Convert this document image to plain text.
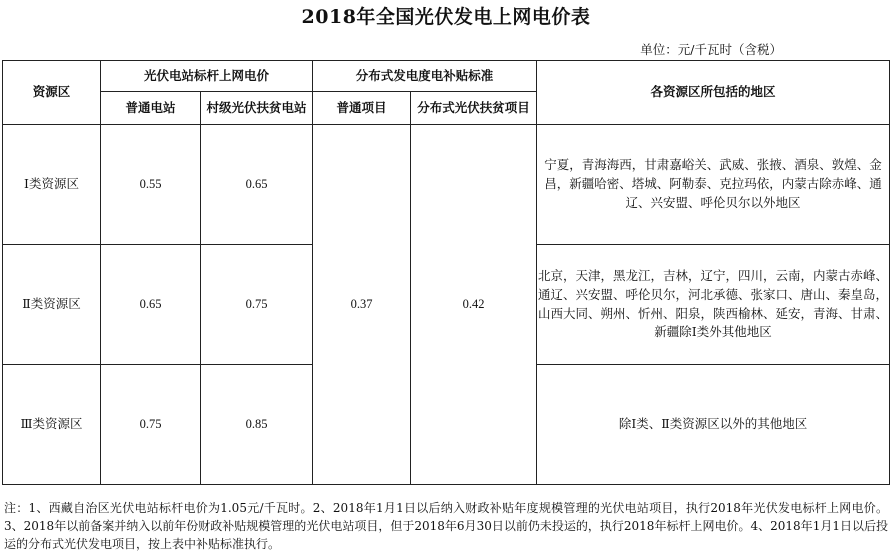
2018年全国光伏发电上网电价表
单位：元/千瓦时（含税）
资源区	光伏电站标杆上网电价		分布式发电度电补贴标准		各资源区所包括的地区
	普通电站	村级光伏扶贫电站	普通项目	分布式光伏扶贫项目	
Ⅰ类资源区	0.55	0.65	0.37	0.42	宁夏，青海海西，甘肃嘉峪关、武威、张掖、酒泉、敦煌、金昌，新疆哈密、塔城、阿勒泰、克拉玛依，内蒙古除赤峰、通辽、兴安盟、呼伦贝尔以外地区
Ⅱ类资源区	0.65	0.75			北京，天津，黑龙江，吉林，辽宁，四川，云南，内蒙古赤峰、通辽、兴安盟、呼伦贝尔，河北承德、张家口、唐山、秦皇岛，山西大同、朔州、忻州、阳泉，陕西榆林、延安，青海、甘肃、新疆除Ⅰ类外其他地区
Ⅲ类资源区	0.75	0.85			除Ⅰ类、Ⅱ类资源区以外的其他地区
注：1、西藏自治区光伏电站标杆电价为1.05元/千瓦时。2、2018年1月1日以后纳入财政补贴年度规模管理的光伏电站项目，执行2018年光伏发电标杆上网电价。3、2018年以前备案并纳入以前年份财政补贴规模管理的光伏电站项目，但于2018年6月30日以前仍未投运的，执行2018年标杆上网电价。4、2018年1月1日以后投运的分布式光伏发电项目，按上表中补贴标准执行。
